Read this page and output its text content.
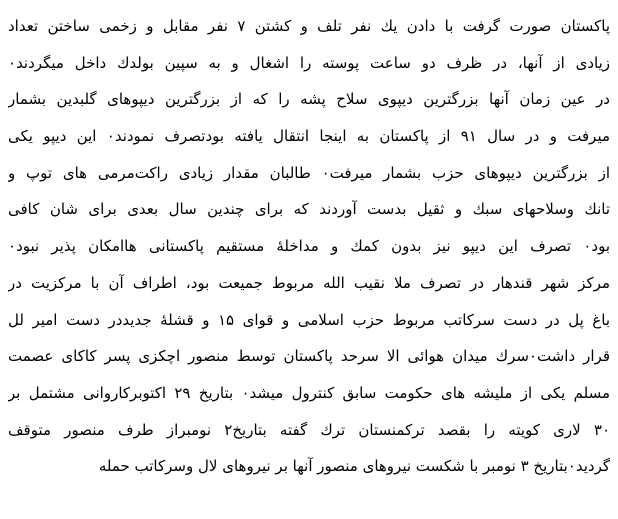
پاکستان صورت گرفت با دادن یك نفر تلف و کشتن ۷ نفر مقابل و زخمی ساختن تعداد
زیادی از آنها، در ظرف دو ساعت پوسته را اشغال و به سپین بولدك داخل میگردند٠
در عین زمان آنها بزرگترین دیپوی سلاح پشه را که از بزرگترین دیپوهای گلبدین بشمار
میرفت و در سال ۹۱ از پاکستان به اینجا انتقال یافته بودتصرف نمودند٠ این دیپو یکی
از بزرگترین دیپوهای حزب بشمار میرفت٠ طالبان مقدار زیادی راکت‌مرمی های توپ و
تانك وسلاحهای سبك و ثقیل بدست آوردند که برای چندین سال بعدی برای شان کافی
بود٠ تصرف این دیپو نیز بدون کمك و مداخلهٔ مستقیم پاکستانی هاامکان پذیر نبود٠
مرکز شهر قندهار در تصرف ملا نقیب الله مربوط جمیعت بود، اطراف آن با مرکزیت در
باغ پل در دست سرکاتب مربوط حزب اسلامی و قوای ۱۵ و قشلهٔ جدیددر دست امیر لل
قرار داشت٠سرك میدان هوائی الا سرحد پاکستان توسط منصور اچکزی پسر کاکای عصمت
مسلم یکی از ملیشه های حکومت سابق کنترول میشد٠ بتاریخ ۲۹ اکتوبرکاروانی مشتمل بر
۳۰ لاری کویته را بقصد ترکمنستان ترك گفته بتاریخ۲ نومبراز طرف منصور متوقف
گردید٠بتاریخ ۳ نومبر با شکست نیروهای منصور آنها بر نیروهای لال وسرکاتب حمله
